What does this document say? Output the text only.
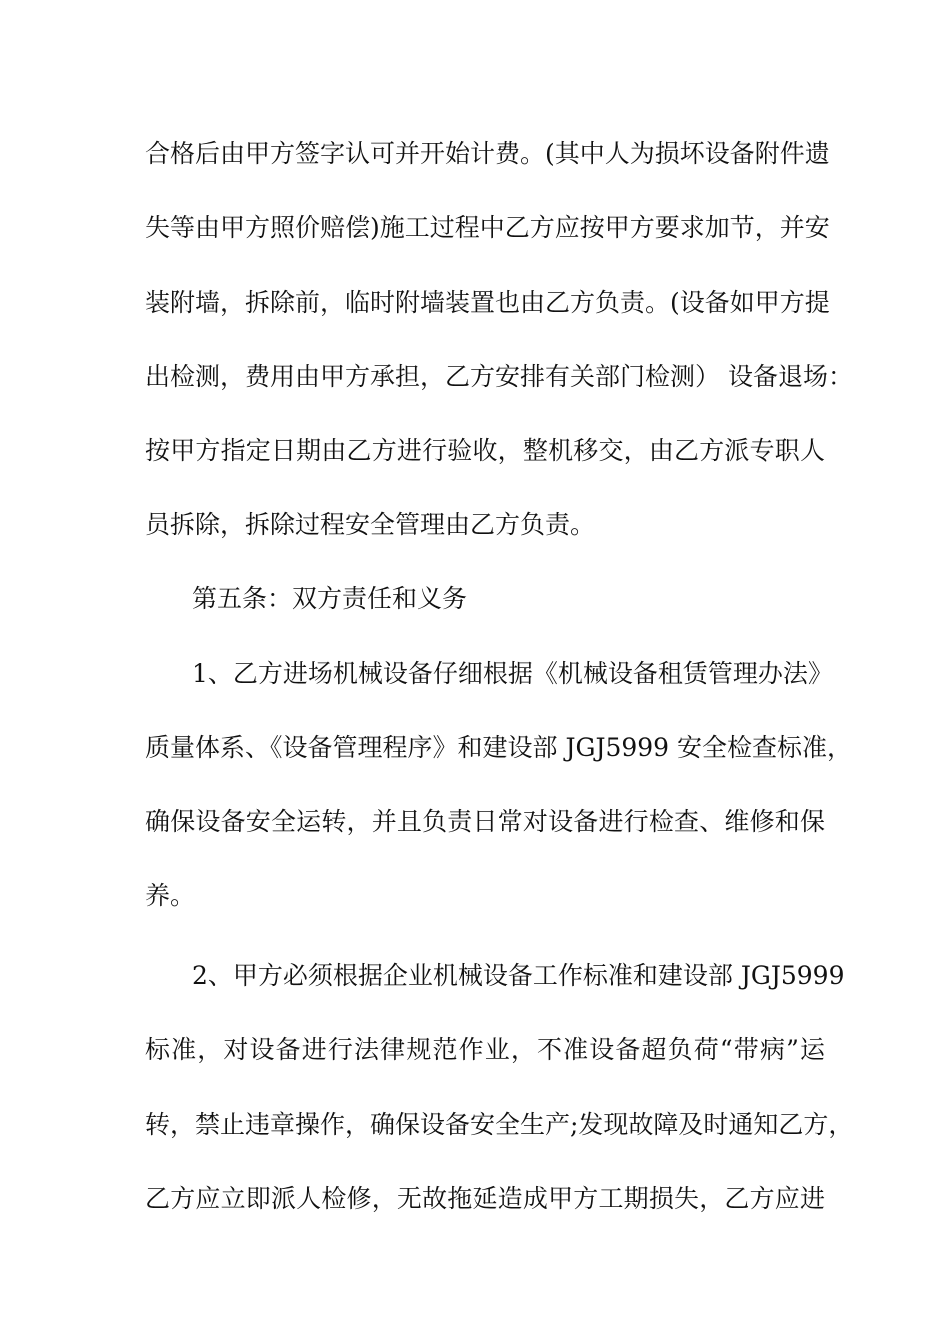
合格后由甲方签字认可并开始计费。(其中人为损坏设备附件遗
失等由甲方照价赔偿)施工过程中乙方应按甲方要求加节，并安
装附墙，拆除前，临时附墙装置也由乙方负责。(设备如甲方提
出检测，费用由甲方承担，乙方安排有关部门检测） 设备退场：
按甲方指定日期由乙方进行验收，整机移交，由乙方派专职人
员拆除，拆除过程安全管理由乙方负责。
第五条：双方责任和义务
1、乙方进场机械设备仔细根据《机械设备租赁管理办法》
质量体系、《设备管理程序》和建设部 JGJ5999 安全检查标准，
确保设备安全运转，并且负责日常对设备进行检查、维修和保
养。
2、甲方必须根据企业机械设备工作标准和建设部 JGJ5999
标准，对设备进行法律规范作业，不准设备超负荷“带病”运
转，禁止违章操作，确保设备安全生产;发现故障及时通知乙方，
乙方应立即派人检修，无故拖延造成甲方工期损失，乙方应进
